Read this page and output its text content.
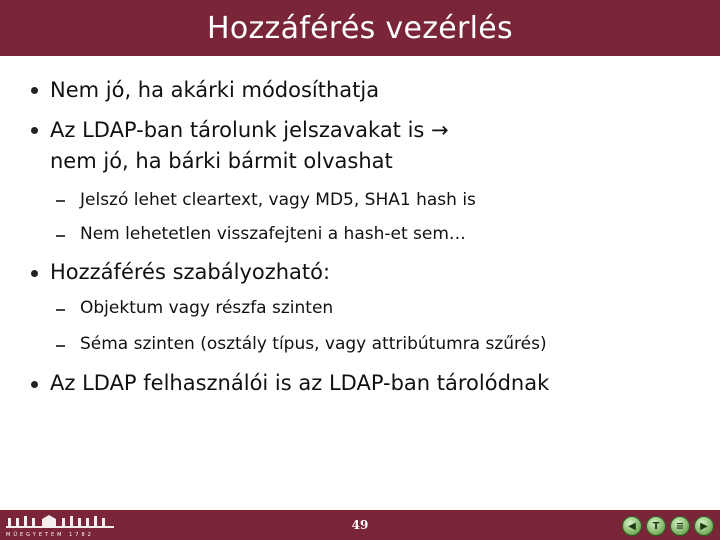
Hozzáférés vezérlés
Nem jó, ha akárki módosíthatja
Az LDAP-ban tárolunk jelszavakat is →
nem jó, ha bárki bármit olvashat
Jelszó lehet cleartext, vagy MD5, SHA1 hash is
Nem lehetetlen visszafejteni a hash-et sem…
Hozzáférés szabályozható:
Objektum vagy részfa szinten
Séma szinten (osztály típus, vagy attribútumra szűrés)
Az LDAP felhasználói is az LDAP-ban tárolódnak
MŰEGYETEM 1782
49	◀	T	≡	▶
